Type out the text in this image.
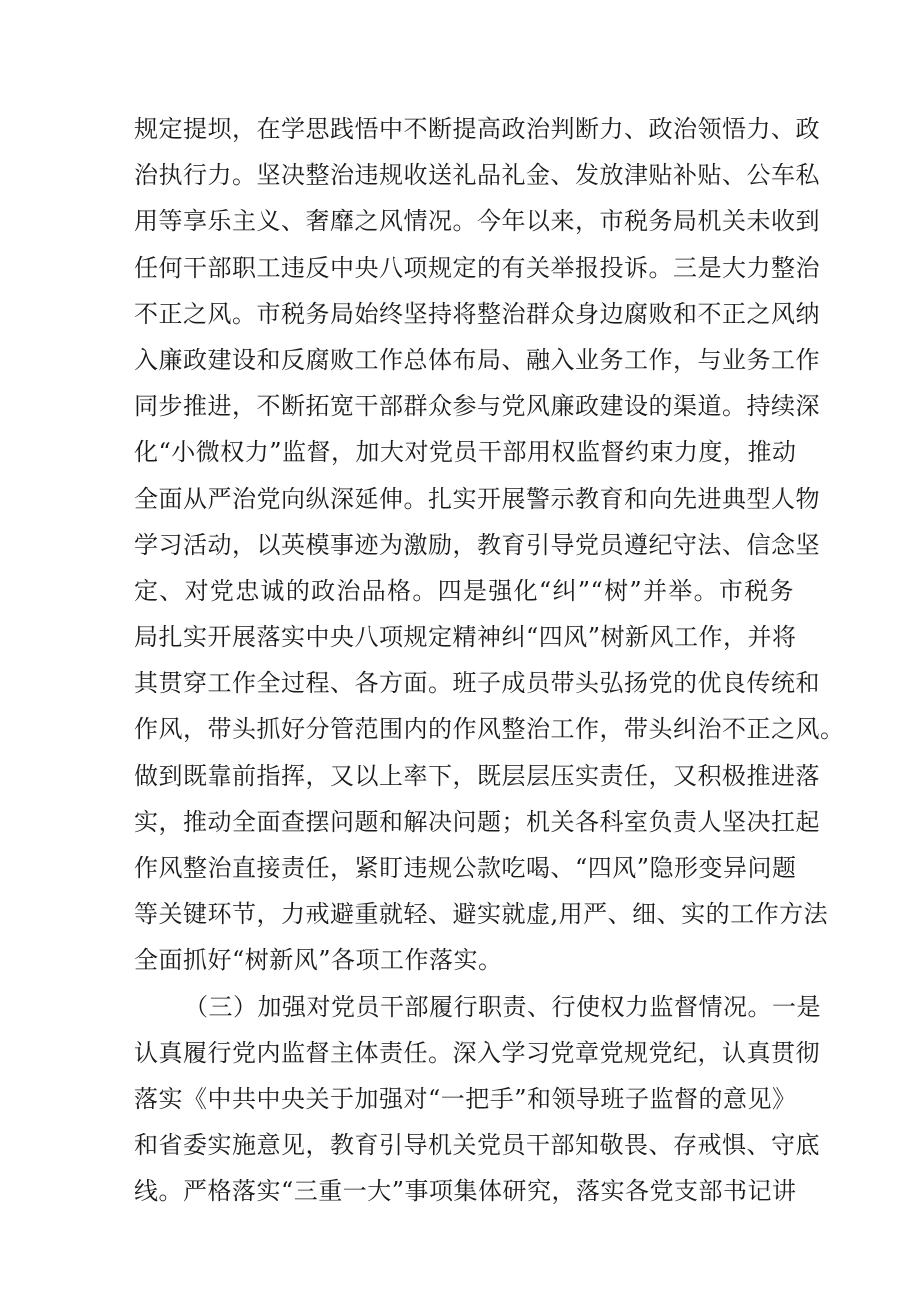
规定提坝，在学思践悟中不断提高政治判断力、政治领悟力、政
治执行力。坚决整治违规收送礼品礼金、发放津贴补贴、公车私
用等享乐主义、奢靡之风情况。今年以来，市税务局机关未收到
任何干部职工违反中央八项规定的有关举报投诉。三是大力整治
不正之风。市税务局始终坚持将整治群众身边腐败和不正之风纳
入廉政建设和反腐败工作总体布局、融入业务工作，与业务工作
同步推进，不断拓宽干部群众参与党风廉政建设的渠道。持续深
化“小微权力”监督，加大对党员干部用权监督约束力度，推动
全面从严治党向纵深延伸。扎实开展警示教育和向先进典型人物
学习活动，以英模事迹为激励，教育引导党员遵纪守法、信念坚
定、对党忠诚的政治品格。四是强化“纠”“树”并举。市税务
局扎实开展落实中央八项规定精神纠“四风”树新风工作，并将
其贯穿工作全过程、各方面。班子成员带头弘扬党的优良传统和
作风，带头抓好分管范围内的作风整治工作，带头纠治不正之风。
做到既靠前指挥，又以上率下，既层层压实责任，又积极推进落
实，推动全面查摆问题和解决问题；机关各科室负责人坚决扛起
作风整治直接责任，紧盯违规公款吃喝、“四风”隐形变异问题
等关键环节，力戒避重就轻、避实就虚,用严、细、实的工作方法
全面抓好“树新风”各项工作落实。
（三）加强对党员干部履行职责、行使权力监督情况。一是
认真履行党内监督主体责任。深入学习党章党规党纪，认真贯彻
落实《中共中央关于加强对“一把手”和领导班子监督的意见》
和省委实施意见，教育引导机关党员干部知敬畏、存戒惧、守底
线。严格落实“三重一大”事项集体研究，落实各党支部书记讲
